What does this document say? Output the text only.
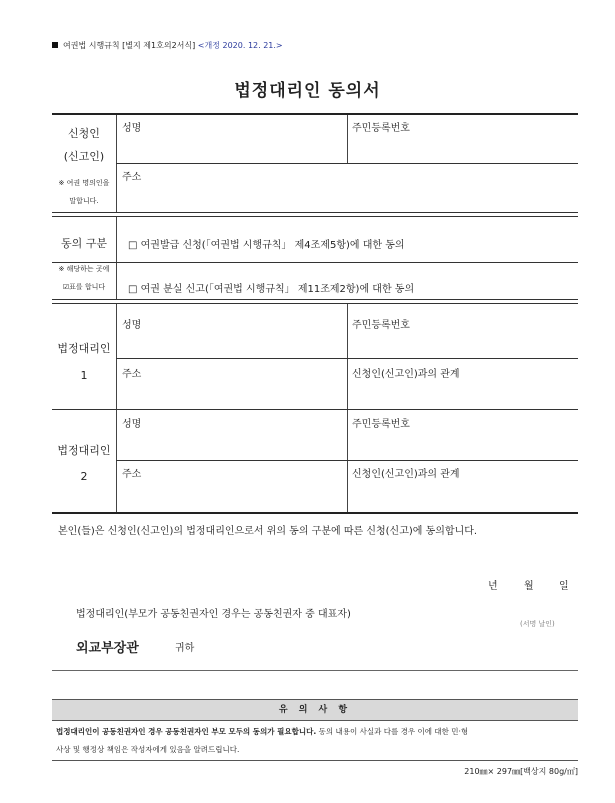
여권법 시행규칙 [별지 제1호의2서식] <개정 2020. 12. 21.>
법정대리인 동의서
신청인
(신고인)
※ 여권 명의인을
말합니다.
성명	주민등록번호
주소
동의 구분
※ 해당하는 곳에
☑표를 합니다
□ 여권발급 신청(「여권법 시행규칙」 제4조제5항)에 대한 동의
□ 여권 분실 신고(「여권법 시행규칙」 제11조제2항)에 대한 동의
법정대리인
1
성명	주민등록번호
주소	신청인(신고인)과의 관계
법정대리인
2
성명	주민등록번호
주소	신청인(신고인)과의 관계
본인(들)은 신청인(신고인)의 법정대리인으로서 위의 동의 구분에 따른 신청(신고)에 동의합니다.
년	월	일
법정대리인(부모가 공동친권자인 경우는 공동친권자 중 대표자)
(서명 날인)
외교부장관	귀하
유 의 사 항
법정대리인이 공동친권자인 경우 공동친권자인 부모 모두의 동의가 필요합니다. 동의 내용이 사실과 다를 경우 이에 대한 민·형
사상 및 행정상 책임은 작성자에게 있음을 알려드립니다.
210㎜× 297㎜[백상지 80g/㎡]
